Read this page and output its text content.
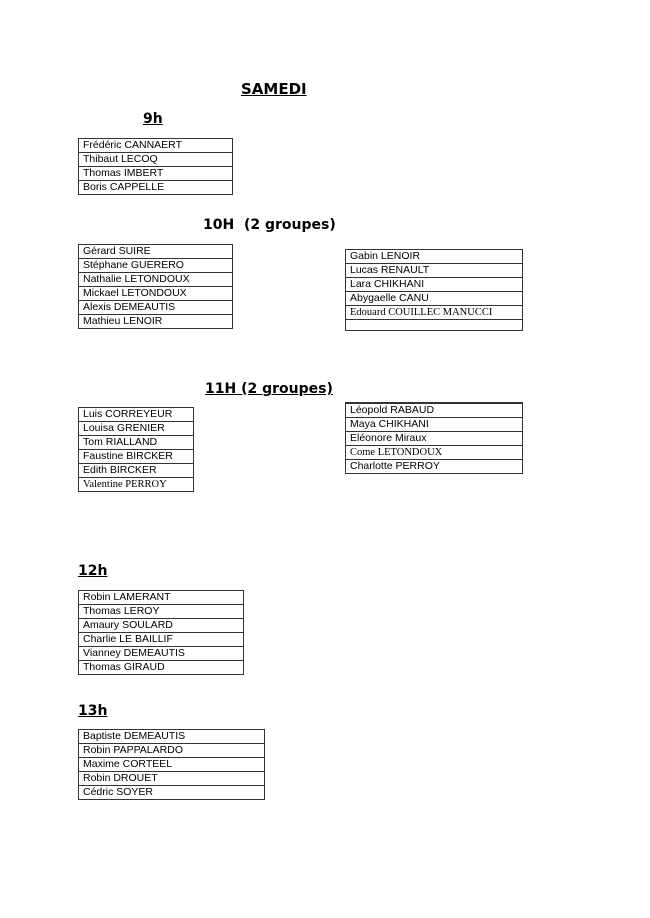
SAMEDI
9h
Frédéric CANNAERT
Thibaut LECOQ
Thomas IMBERT
Boris CAPPELLE
10H  (2 groupes)
Gérard SUIRE
Stéphane GUERERO
Nathalie LETONDOUX
Mickael LETONDOUX
Alexis DEMEAUTIS
Mathieu LENOIR
Gabin LENOIR
Lucas RENAULT
Lara CHIKHANI
Abygaelle CANU
Edouard COUILLEC MANUCCI

11H (2 groupes)
Luis CORREYEUR
Louisa GRENIER
Tom RIALLAND
Faustine BIRCKER
Edith BIRCKER
Valentine PERROY
Léopold RABAUD
Maya CHIKHANI
Eléonore Miraux
Come LETONDOUX
Charlotte PERROY
12h
Robin LAMERANT
Thomas LEROY
Amaury SOULARD
Charlie LE BAILLIF
Vianney DEMEAUTIS
Thomas GIRAUD
13h
Baptiste DEMEAUTIS
Robin PAPPALARDO
Maxime CORTEEL
Robin DROUET
Cédric SOYER
